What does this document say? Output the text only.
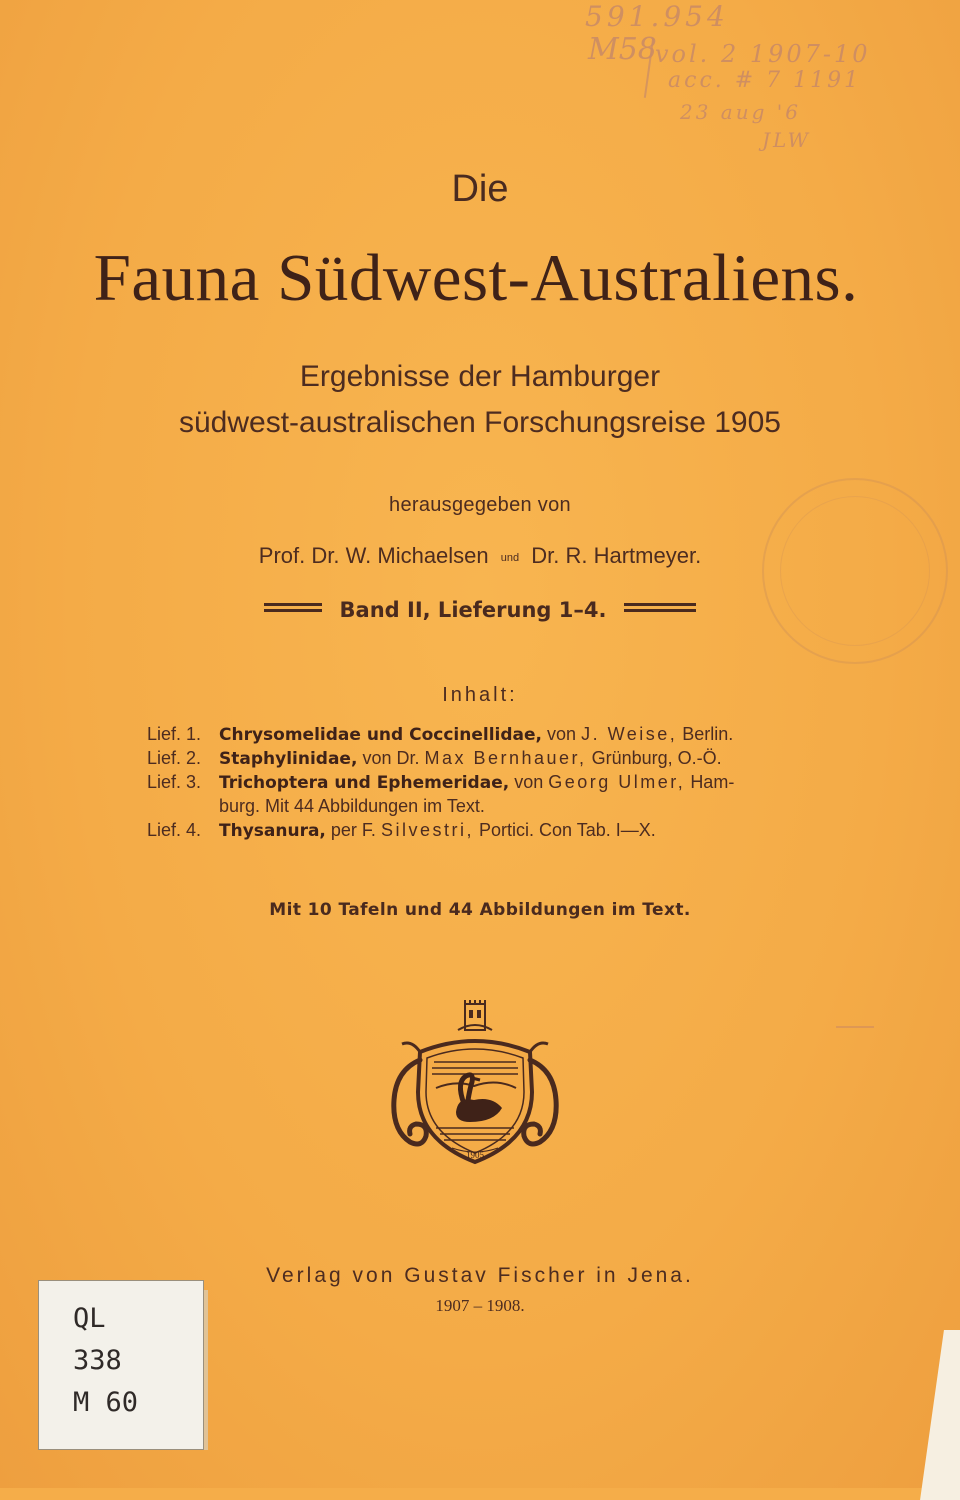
591.954
M58
vol. 2 1907-10
acc. # 7 1191
23 aug '6
JLW
Die
Fauna Südwest-Australiens.
Ergebnisse der Hamburger
südwest-australischen Forschungsreise 1905
herausgegeben von
Prof. Dr. W. Michaelsen und Dr. R. Hartmeyer.
Band II, Lieferung 1–4.
Inhalt:
Lief. 1.	Chrysomelidae und Coccinellidae, von J. Weise, Berlin.
Lief. 2.	Staphylinidae, von Dr. Max Bernhauer, Grünburg, O.-Ö.
Lief. 3.	Trichoptera und Ephemeridae, von Georg Ulmer, Ham-
burg. Mit 44 Abbildungen im Text.
Lief. 4.	Thysanura, per F. Silvestri, Portici. Con Tab. I—X.
Mit 10 Tafeln und 44 Abbildungen im Text.
1905
Verlag von Gustav Fischer in Jena.
1907 – 1908.
QL
338
M 60
